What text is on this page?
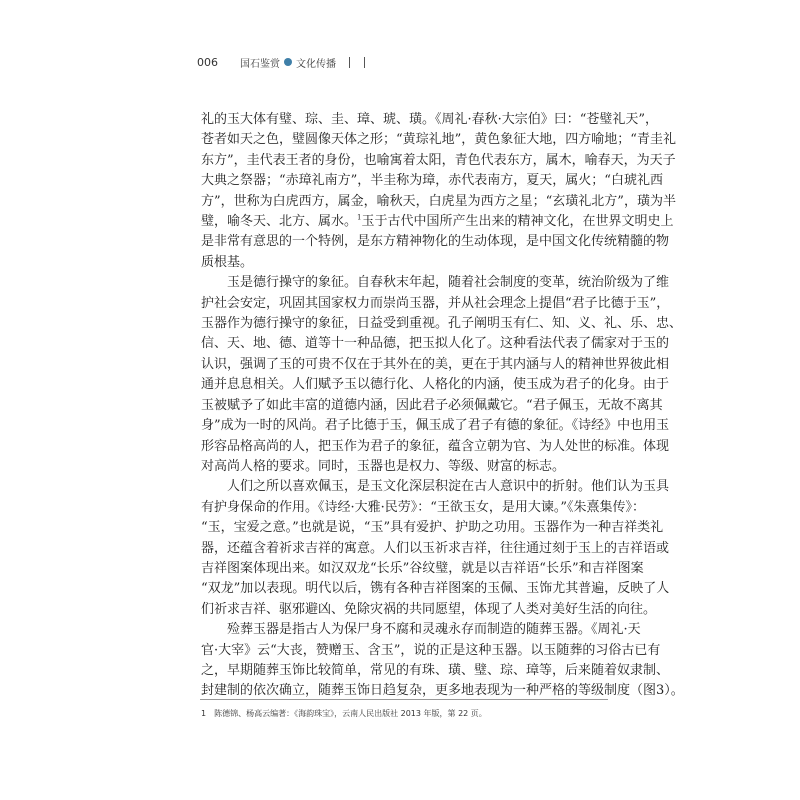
006 国石鉴赏 文化传播

礼的玉大体有璧、琮、圭、璋、琥、璜。《周礼·春秋·大宗伯》曰：“苍璧礼天”，

苍者如天之色，璧圆像天体之形；“黄琮礼地”，黄色象征大地，四方喻地；“青圭礼

东方”，圭代表王者的身份，也喻寓着太阳，青色代表东方，属木，喻春天，为天子

大典之祭器；“赤璋礼南方”，半圭称为璋，赤代表南方，夏天，属火；“白琥礼西

方”，世称为白虎西方，属金，喻秋天，白虎星为西方之星；“玄璜礼北方”，璜为半

璧，喻冬天、北方、属水。$^1$玉于古代中国所产生出来的精神文化，在世界文明史上

是非常有意思的一个特例，是东方精神物化的生动体现，是中国文化传统精髓的物

质根基。

玉是德行操守的象征。自春秋末年起，随着社会制度的变革，统治阶级为了维

护社会安定，巩固其国家权力而崇尚玉器，并从社会理念上提倡“君子比德于玉”，

玉器作为德行操守的象征，日益受到重视。孔子阐明玉有仁、知、义、礼、乐、忠、

信、天、地、德、道等十一种品德，把玉拟人化了。这种看法代表了儒家对于玉的

认识，强调了玉的可贵不仅在于其外在的美，更在于其内涵与人的精神世界彼此相

通并息息相关。人们赋予玉以德行化、人格化的内涵，使玉成为君子的化身。由于

玉被赋予了如此丰富的道德内涵，因此君子必须佩戴它。“君子佩玉，无故不离其

身”成为一时的风尚。君子比德于玉，佩玉成了君子有德的象征。《诗经》中也用玉

形容品格高尚的人，把玉作为君子的象征，蕴含立朝为官、为人处世的标准。体现

对高尚人格的要求。同时，玉器也是权力、等级、财富的标志。

人们之所以喜欢佩玉，是玉文化深层积淀在古人意识中的折射。他们认为玉具

有护身保命的作用。《诗经·大雅·民劳》：“王欲玉女，是用大谏。”《朱熹集传》：

“玉，宝爱之意。”也就是说，“玉”具有爱护、护助之功用。玉器作为一种吉祥类礼

器，还蕴含着祈求吉祥的寓意。人们以玉祈求吉祥，往往通过刻于玉上的吉祥语或

吉祥图案体现出来。如汉双龙“长乐”谷纹璧，就是以吉祥语“长乐”和吉祥图案

“双龙”加以表现。明代以后，镌有各种吉祥图案的玉佩、玉饰尤其普遍，反映了人

们祈求吉祥、驱邪避凶、免除灾祸的共同愿望，体现了人类对美好生活的向往。

殓葬玉器是指古人为保尸身不腐和灵魂永存而制造的随葬玉器。《周礼·天

官·大宰》云“大丧，赞赠玉、含玉”，说的正是这种玉器。以玉随葬的习俗古已有

之，早期随葬玉饰比较简单，常见的有珠、璜、璧、琮、璋等，后来随着奴隶制、

封建制的依次确立，随葬玉饰日趋复杂，更多地表现为一种严格的等级制度（图3）。

1　陈德锦、杨高云编著：《海韵珠宝》，云南人民出版社 2013 年版，第 22 页。
